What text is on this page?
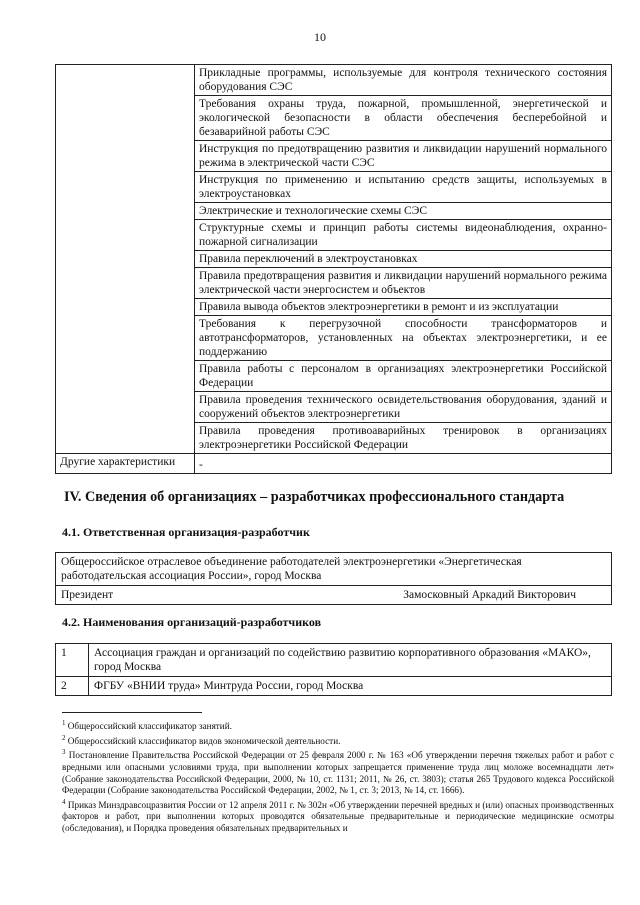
10
	Прикладные программы, используемые для контроля технического состояния оборудования СЭС
	Требования охраны труда, пожарной, промышленной, энергетической и экологической безопасности в области обеспечения бесперебойной и безаварийной работы СЭС
	Инструкция по предотвращению развития и ликвидации нарушений нормального режима в электрической части СЭС
	Инструкция по применению и испытанию средств защиты, используемых в электроустановках
	Электрические и технологические схемы СЭС
	Структурные схемы и принцип работы системы видеонаблюдения, охранно-пожарной сигнализации
	Правила переключений в электроустановках
	Правила предотвращения развития и ликвидации нарушений нормального режима электрической части энергосистем и объектов
	Правила вывода объектов электроэнергетики в ремонт и из эксплуатации
	Требования к перегрузочной способности трансформаторов и автотрансформаторов, установленных на объектах электроэнергетики, и ее поддержанию
	Правила работы с персоналом в организациях электроэнергетики Российской Федерации
	Правила проведения технического освидетельствования оборудования, зданий и сооружений объектов электроэнергетики
	Правила проведения противоаварийных тренировок в организациях электроэнергетики Российской Федерации
Другие характеристики	-
IV. Сведения об организациях – разработчиках профессионального стандарта
4.1. Ответственная организация-разработчик
Общероссийское отраслевое объединение работодателей электроэнергетики «Энергетическая работодательская ассоциация России», город Москва

Президент	Замосковный Аркадий Викторович
4.2. Наименования организаций-разработчиков
1	Ассоциация граждан и организаций по содействию развитию корпоративного образования «МАКО», город Москва
2	ФГБУ «ВНИИ труда» Минтруда России, город Москва

$^1$ Общероссийский классификатор занятий.

$^2$ Общероссийский классификатор видов экономической деятельности.

$^3$ Постановление Правительства Российской Федерации от 25 февраля 2000 г. № 163 «Об утверждении перечня тяжелых работ и работ с вредными или опасными условиями труда, при выполнении которых запрещается применение труда лиц моложе восемнадцати лет» (Собрание законодательства Российской Федерации, 2000, № 10, ст. 1131; 2011, № 26, ст. 3803); статья 265 Трудового кодекса Российской Федерации (Собрание законодательства Российской Федерации, 2002, № 1, ст. 3; 2013, № 14, ст. 1666).

$^4$ Приказ Минздравсоцразвития России от 12 апреля 2011 г. № 302н «Об утверждении перечней вредных и (или) опасных производственных факторов и работ, при выполнении которых проводятся обязательные предварительные и периодические медицинские осмотры (обследования), и Порядка проведения обязательных предварительных и
